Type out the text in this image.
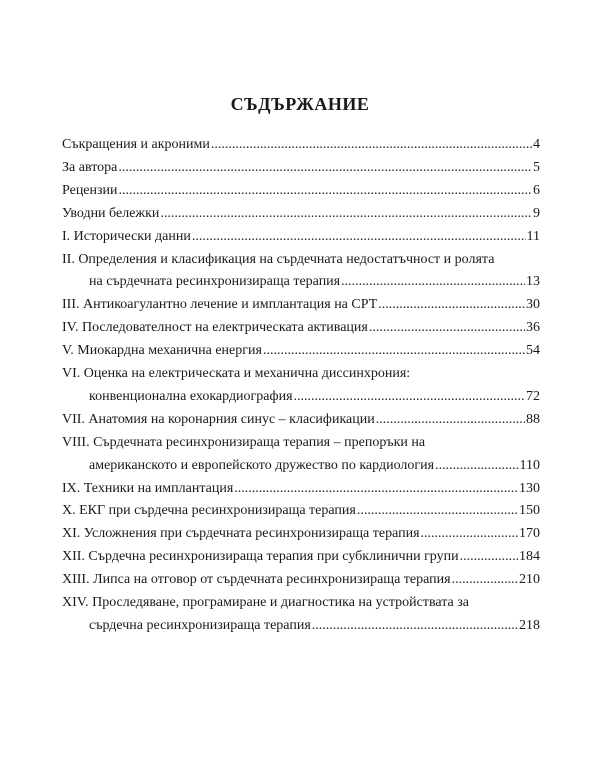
СЪДЪРЖАНИЕ
Съкращения и акроними .....	4
За автора .....	5
Рецензии .....	6
Уводни бележки .....	9
I. Исторически данни .....	11
II. Определения и класификация на сърдечната недостатъчност и ролята
на сърдечната ресинхронизираща терапия .....	13
III. Антикоагулантно лечение и имплантация на СРТ .....	30
IV. Последователност на електрическата активация .....	36
V. Миокардна механична енергия .....	54
VI. Оценка на електрическата и механична диссинхрония:
конвенционална ехокардиография .....	72
VII. Анатомия на коронарния синус – класификации .....	88
VIII. Сърдечната ресинхронизираща терапия – препоръки на
американското и европейското дружество по кардиология .....	110
IX. Техники на имплантация .....	130
X. ЕКГ при сърдечна ресинхронизираща терапия .....	150
XI. Усложнения при сърдечната ресинхронизираща терапия .....	170
XII. Сърдечна ресинхронизираща терапия при субклинични групи .....	184
XIII. Липса на отговор от сърдечната ресинхронизираща терапия .....	210
XIV. Проследяване, програмиране и диагностика на устройствата за
сърдечна ресинхронизираща терапия .....	218
